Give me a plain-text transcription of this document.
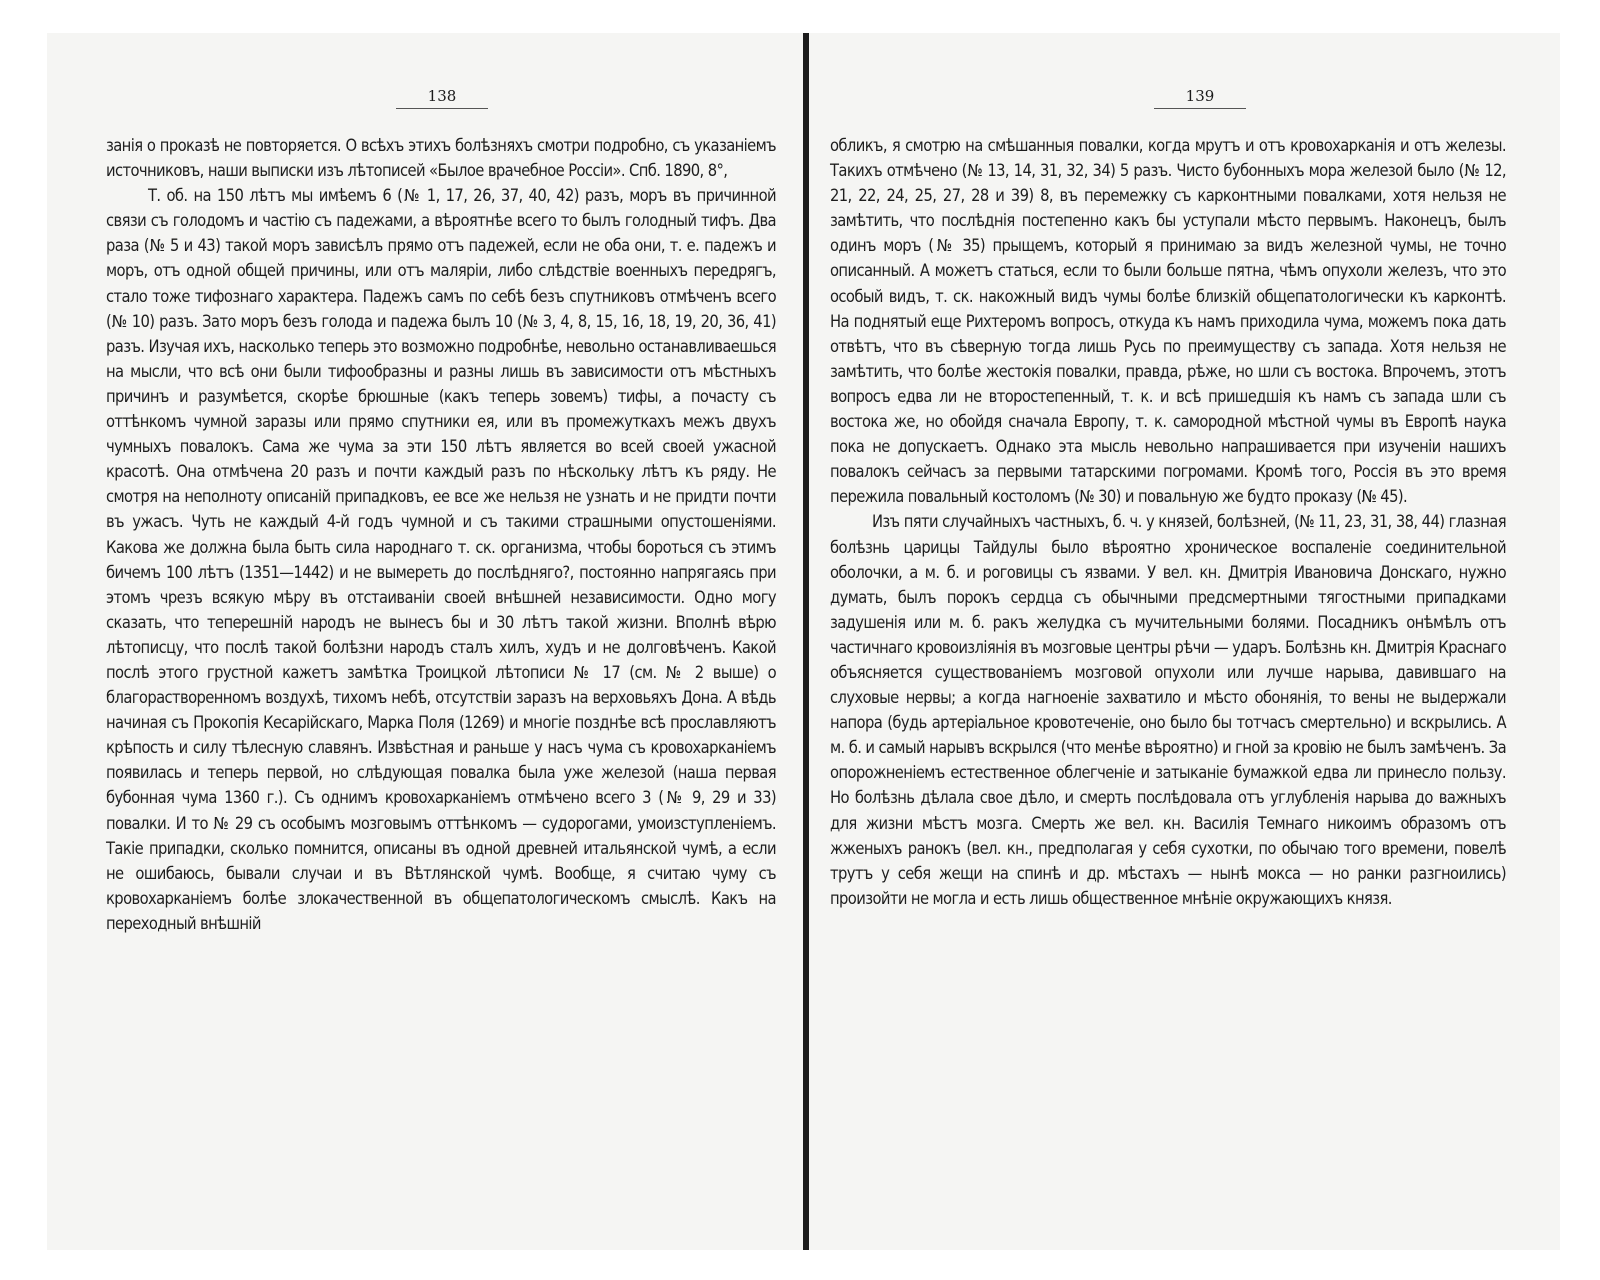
138

занія о проказѣ не повторяется. О всѣхъ этихъ болѣзняхъ смотри подробно, съ указаніемъ источниковъ, наши выписки изъ лѣтописей «Былое врачебное Россіи». Спб. 1890, 8°,

Т. об. на 150 лѣтъ мы имѣемъ 6 (№ 1, 17, 26, 37, 40, 42) разъ, моръ въ причинной связи съ голодомъ и частію съ падежами, а вѣроятнѣе всего то былъ голодный тифъ. Два раза (№ 5 и 43) такой моръ зависѣлъ прямо отъ падежей, если не оба они, т. е. падежъ и моръ, отъ одной общей причины, или отъ маляріи, либо слѣдствіе военныхъ передрягъ, стало тоже тифознаго характера. Падежъ самъ по себѣ безъ спутниковъ отмѣченъ всего (№ 10) разъ. Зато моръ безъ голода и падежа былъ 10 (№ 3, 4, 8, 15, 16, 18, 19, 20, 36, 41) разъ. Изучая ихъ, насколько теперь это возможно подробнѣе, невольно останавливаешься на мысли, что всѣ они были тифообразны и разны лишь въ зависимости отъ мѣстныхъ причинъ и разумѣется, скорѣе брюшные (какъ теперь зовемъ) тифы, а почасту съ оттѣнкомъ чумной заразы или прямо спутники ея, или въ промежуткахъ межъ двухъ чумныхъ повалокъ. Сама же чума за эти 150 лѣтъ является во всей своей ужасной красотѣ. Она отмѣчена 20 разъ и почти каждый разъ по нѣскольку лѣтъ къ ряду. Не смотря на неполноту описаній припадковъ, ее все же нельзя не узнать и не придти почти въ ужасъ. Чуть не каждый 4-й годъ чумной и съ такими страшными опустошеніями. Какова же должна была быть сила народнаго т. ск. организма, чтобы бороться съ этимъ бичемъ 100 лѣтъ (1351—1442) и не вымереть до послѣдняго?, постоянно напрягаясь при этомъ чрезъ всякую мѣру въ отстаиваніи своей внѣшней независимости. Одно могу сказать, что теперешній народъ не вынесъ бы и 30 лѣтъ такой жизни. Вполнѣ вѣрю лѣтописцу, что послѣ такой болѣзни народъ сталъ хилъ, худъ и не долговѣченъ. Какой послѣ этого грустной кажетъ замѣтка Троицкой лѣтописи № 17 (см. № 2 выше) о благорастворенномъ воздухѣ, тихомъ небѣ, отсутствіи заразъ на верховьяхъ Дона. А вѣдь начиная съ Прокопія Кесарійскаго, Марка Поля (1269) и многіе позднѣе всѣ прославляютъ крѣпость и силу тѣлесную славянъ. Извѣстная и раньше у насъ чума съ кровохарканіемъ появилась и теперь первой, но слѣдующая повалка была уже железой (наша первая бубонная чума 1360 г.). Съ однимъ кровохарканіемъ отмѣчено всего 3 (№ 9, 29 и 33) повалки. И то № 29 съ особымъ мозговымъ оттѣнкомъ — судорогами, умоизступленіемъ. Такіе припадки, сколько помнится, описаны въ одной древней итальянской чумѣ, а если не ошибаюсь, бывали случаи и въ Вѣтлянской чумѣ. Вообще, я считаю чуму съ кровохарканіемъ болѣе злокачественной въ общепатологическомъ смыслѣ. Какъ на переходный внѣшній

139

обликъ, я смотрю на смѣшанныя повалки, когда мрутъ и отъ кровохарканія и отъ железы. Такихъ отмѣчено (№ 13, 14, 31, 32, 34) 5 разъ. Чисто бубонныхъ мора железой было (№ 12, 21, 22, 24, 25, 27, 28 и 39) 8, въ перемежку съ карконтными повалками, хотя нельзя не замѣтить, что послѣднія постепенно какъ бы уступали мѣсто первымъ. Наконецъ, былъ одинъ моръ (№ 35) прыщемъ, который я принимаю за видъ железной чумы, не точно описанный. А можетъ статься, если то были больше пятна, чѣмъ опухоли железъ, что это особый видъ, т. ск. накожный видъ чумы болѣе близкій общепатологически къ карконтѣ. На поднятый еще Рихтеромъ вопросъ, откуда къ намъ приходила чума, можемъ пока дать отвѣтъ, что въ сѣверную тогда лишь Русь по преимуществу съ запада. Хотя нельзя не замѣтить, что болѣе жестокія повалки, правда, рѣже, но шли съ востока. Впрочемъ, этотъ вопросъ едва ли не второстепенный, т. к. и всѣ пришедшія къ намъ съ запада шли съ востока же, но обойдя сначала Европу, т. к. самородной мѣстной чумы въ Европѣ наука пока не допускаетъ. Однако эта мысль невольно напрашивается при изученіи нашихъ повалокъ сейчасъ за первыми татарскими погромами. Кромѣ того, Россія въ это время пережила повальный костоломъ (№ 30) и повальную же будто проказу (№ 45).

Изъ пяти случайныхъ частныхъ, б. ч. у князей, болѣзней, (№ 11, 23, 31, 38, 44) глазная болѣзнь царицы Тайдулы было вѣроятно хроническое воспаленіе соединительной оболочки, а м. б. и роговицы съ язвами. У вел. кн. Дмитрія Ивановича Донскаго, нужно думать, былъ порокъ сердца съ обычными предсмертными тягостными припадками задушенія или м. б. ракъ желудка съ мучительными болями. Посадникъ онѣмѣлъ отъ частичнаго кровоизліянія въ мозговые центры рѣчи — ударъ. Болѣзнь кн. Дмитрія Краснаго объясняется существованіемъ мозговой опухоли или лучше нарыва, давившаго на слуховые нервы; а когда нагноеніе захватило и мѣсто обонянія, то вены не выдержали напора (будь артеріальное кровотеченіе, оно было бы тотчасъ смертельно) и вскрылись. А м. б. и самый нарывъ вскрылся (что менѣе вѣроятно) и гной за кровію не былъ замѣченъ. За опорожненіемъ естественное облегченіе и затыканіе бумажкой едва ли принесло пользу. Но болѣзнь дѣлала свое дѣло, и смерть послѣдовала отъ углубленія нарыва до важныхъ для жизни мѣстъ мозга. Смерть же вел. кн. Василія Темнаго никоимъ образомъ отъ жженыхъ ранокъ (вел. кн., предполагая у себя сухотки, по обычаю того времени, повелѣ трутъ у себя жещи на спинѣ и др. мѣстахъ — нынѣ моксa — но ранки разгноились) произойти не могла и есть лишь общественное мнѣніе окружающихъ князя.
